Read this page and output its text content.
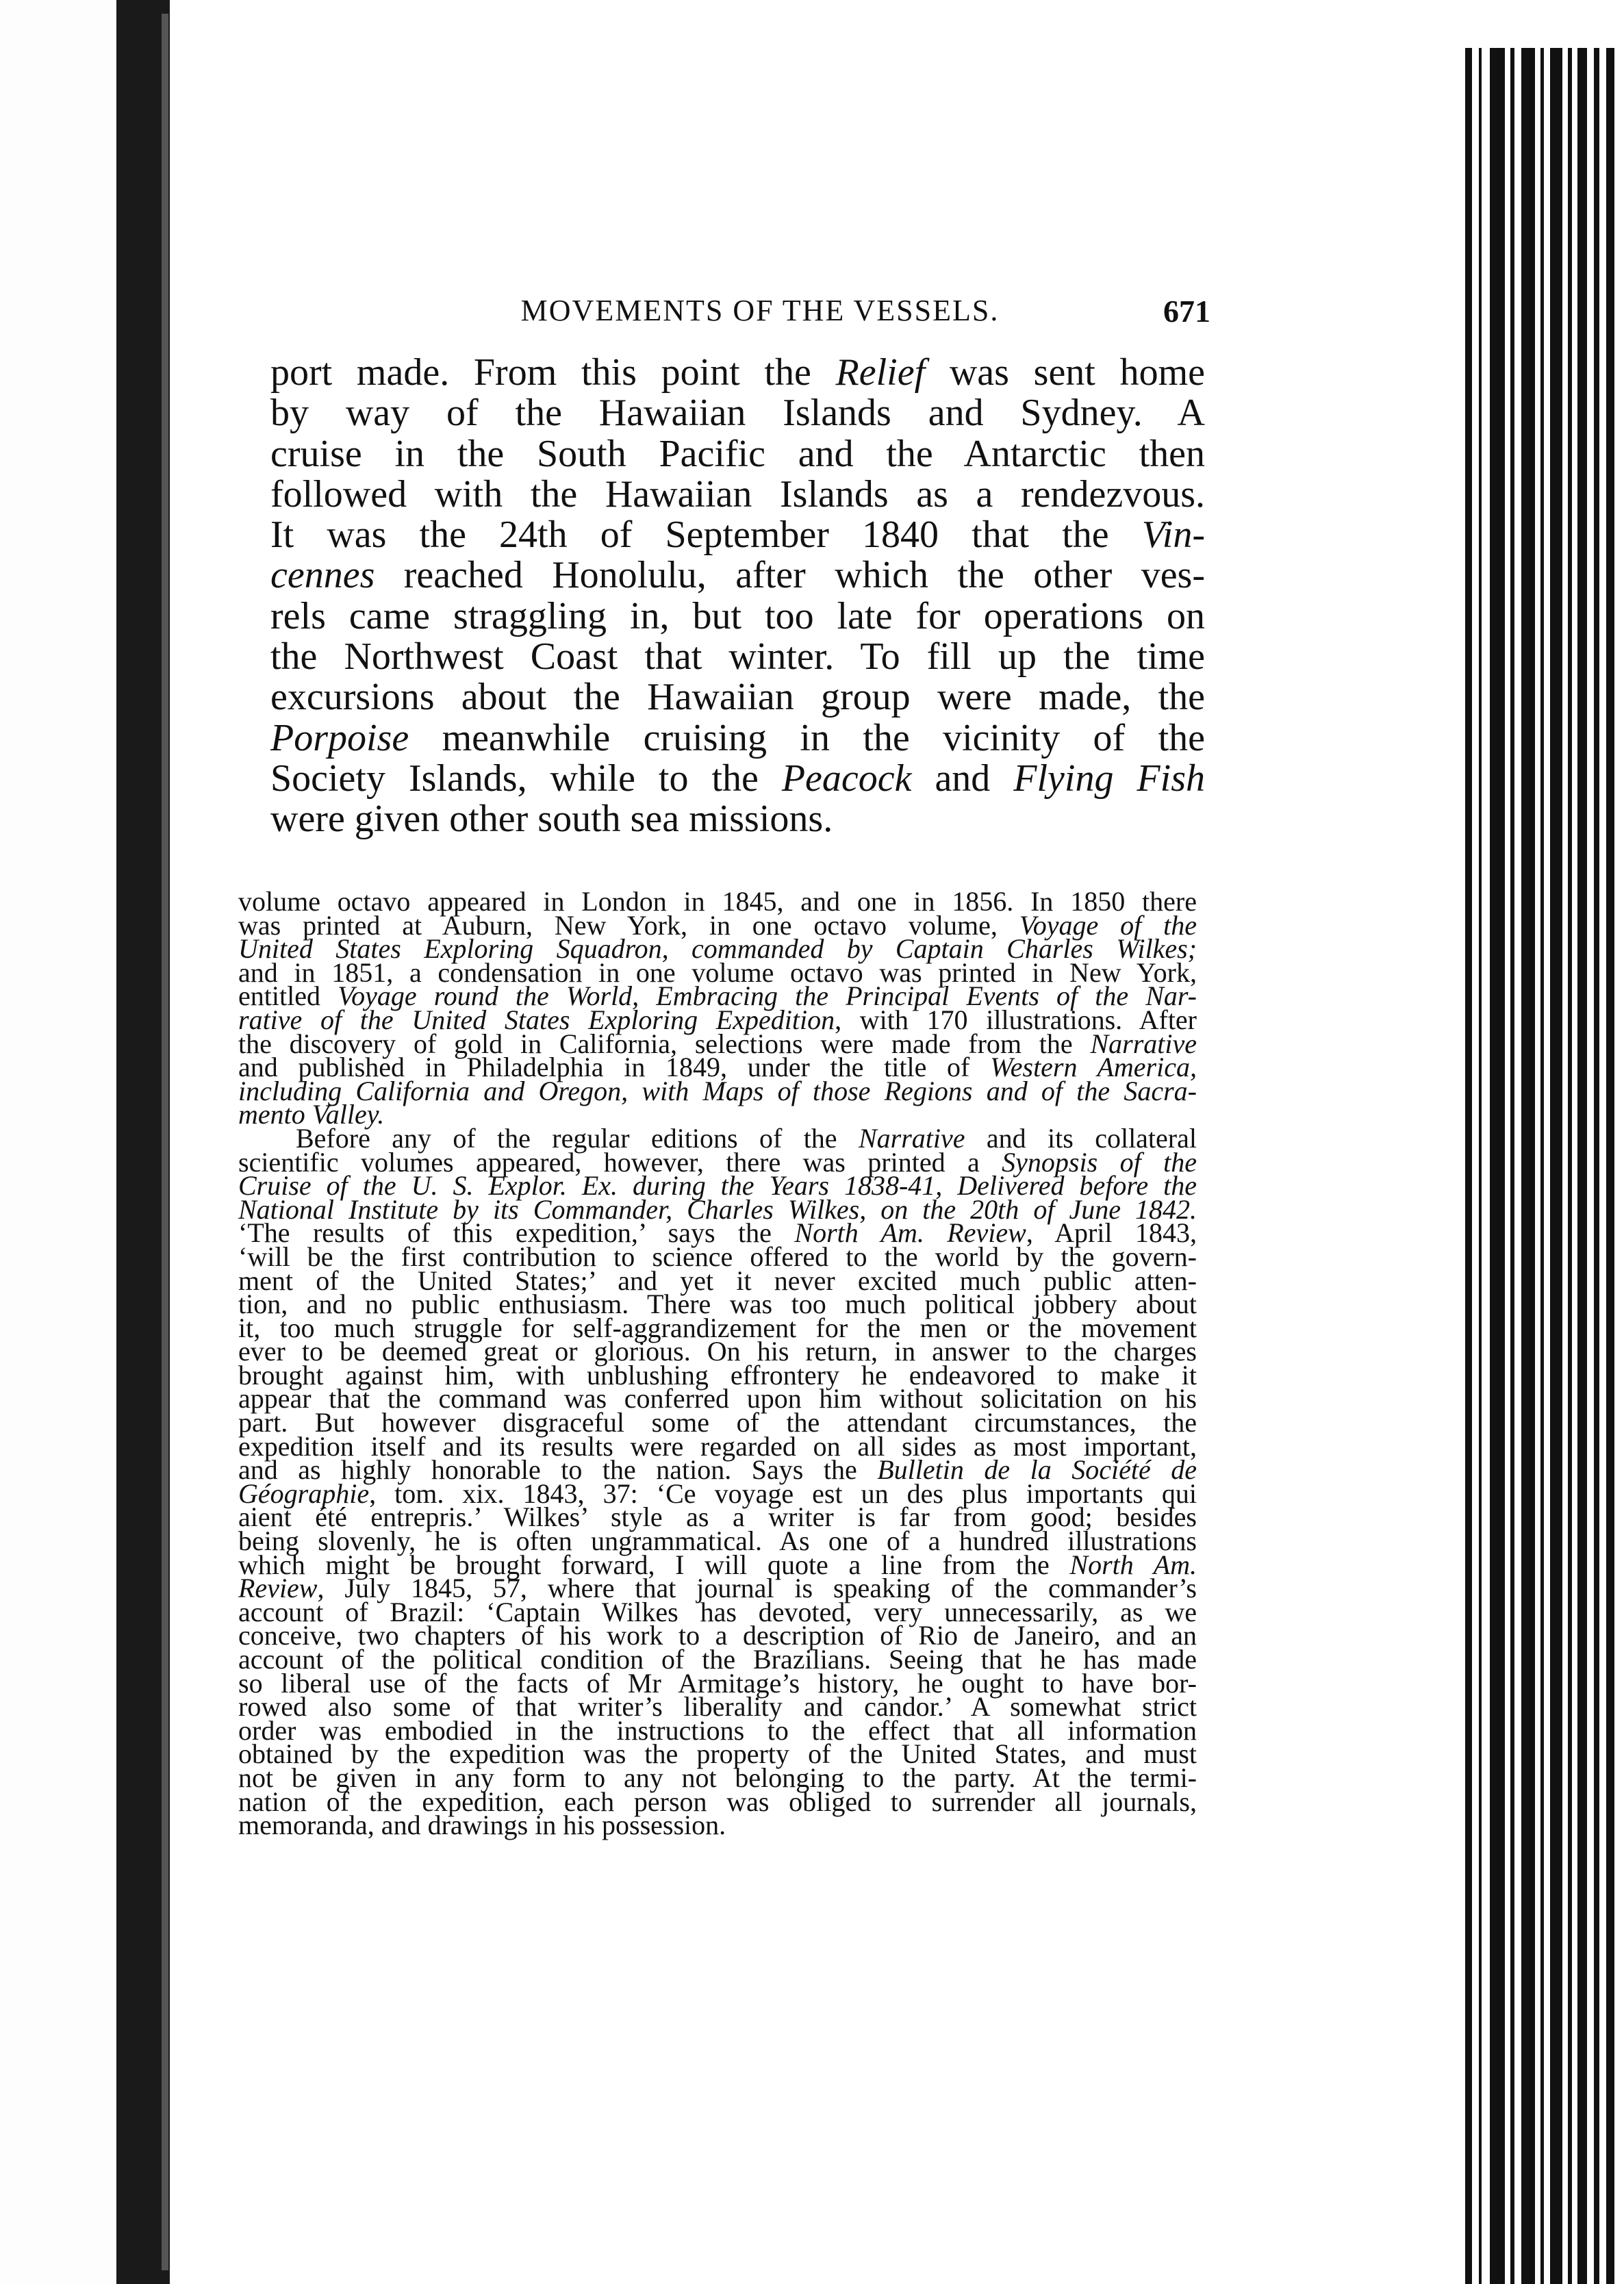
MOVEMENTS OF THE VESSELS.	671
port made. From this point the Relief was sent home
by way of the Hawaiian Islands and Sydney. A
cruise in the South Pacific and the Antarctic then
followed with the Hawaiian Islands as a rendezvous.
It was the 24th of September 1840 that the Vin-
cennes reached Honolulu, after which the other ves-
rels came straggling in, but too late for operations on
the Northwest Coast that winter. To fill up the time
excursions about the Hawaiian group were made, the
Porpoise meanwhile cruising in the vicinity of the
Society Islands, while to the Peacock and Flying Fish
were given other south sea missions.

volume octavo appeared in London in 1845, and one in 1856. In 1850 there
was printed at Auburn, New York, in one octavo volume, Voyage of the
United States Exploring Squadron, commanded by Captain Charles Wilkes;
and in 1851, a condensation in one volume octavo was printed in New York,
entitled Voyage round the World, Embracing the Principal Events of the Nar-
rative of the United States Exploring Expedition, with 170 illustrations. After
the discovery of gold in California, selections were made from the Narrative
and published in Philadelphia in 1849, under the title of Western America,
including California and Oregon, with Maps of those Regions and of the Sacra-
mento Valley.

Before any of the regular editions of the Narrative and its collateral
scientific volumes appeared, however, there was printed a Synopsis of the
Cruise of the U. S. Explor. Ex. during the Years 1838-41, Delivered before the
National Institute by its Commander, Charles Wilkes, on the 20th of June 1842.
‘The results of this expedition,’ says the North Am. Review, April 1843,
‘will be the first contribution to science offered to the world by the govern-
ment of the United States;’ and yet it never excited much public atten-
tion, and no public enthusiasm. There was too much political jobbery about
it, too much struggle for self-aggrandizement for the men or the movement
ever to be deemed great or glorious. On his return, in answer to the charges
brought against him, with unblushing effrontery he endeavored to make it
appear that the command was conferred upon him without solicitation on his
part. But however disgraceful some of the attendant circumstances, the
expedition itself and its results were regarded on all sides as most important,
and as highly honorable to the nation. Says the Bulletin de la Société de
Géographie, tom. xix. 1843, 37: ‘Ce voyage est un des plus importants qui
aient été entrepris.’ Wilkes’ style as a writer is far from good; besides
being slovenly, he is often ungrammatical. As one of a hundred illustrations
which might be brought forward, I will quote a line from the North Am.
Review, July 1845, 57, where that journal is speaking of the commander’s
account of Brazil: ‘Captain Wilkes has devoted, very unnecessarily, as we
conceive, two chapters of his work to a description of Rio de Janeiro, and an
account of the political condition of the Brazilians. Seeing that he has made
so liberal use of the facts of Mr Armitage’s history, he ought to have bor-
rowed also some of that writer’s liberality and candor.’ A somewhat strict
order was embodied in the instructions to the effect that all information
obtained by the expedition was the property of the United States, and must
not be given in any form to any not belonging to the party. At the termi-
nation of the expedition, each person was obliged to surrender all journals,
memoranda, and drawings in his possession.
